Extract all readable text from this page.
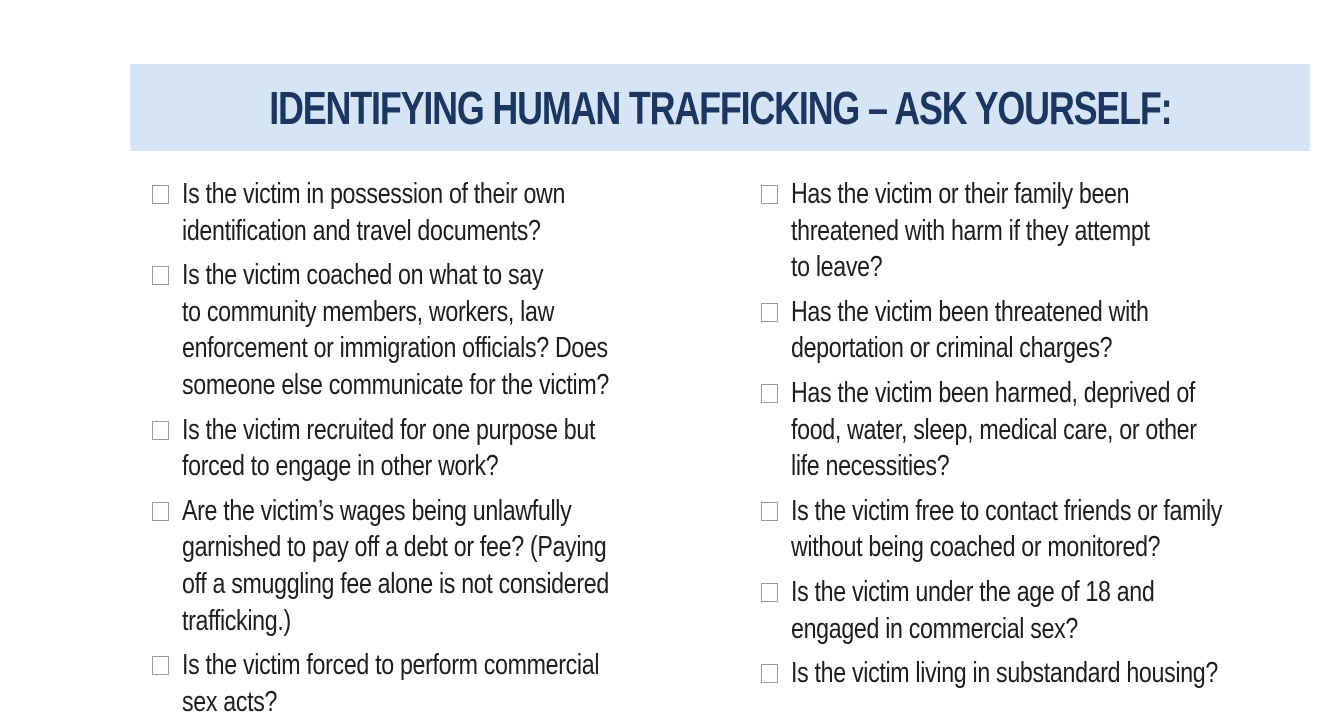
IDENTIFYING HUMAN TRAFFICKING – ASK YOURSELF:
Is the victim in possession of their own
identification and travel documents?
Is the victim coached on what to say
to community members, workers, law
enforcement or immigration officials? Does
someone else communicate for the victim?
Is the victim recruited for one purpose but
forced to engage in other work?
Are the victim’s wages being unlawfully
garnished to pay off a debt or fee? (Paying
off a smuggling fee alone is not considered
trafficking.)
Is the victim forced to perform commercial
sex acts?
Has the victim or their family been
threatened with harm if they attempt
to leave?
Has the victim been threatened with
deportation or criminal charges?
Has the victim been harmed, deprived of
food, water, sleep, medical care, or other
life necessities?
Is the victim free to contact friends or family
without being coached or monitored?
Is the victim under the age of 18 and
engaged in commercial sex?
Is the victim living in substandard housing?
